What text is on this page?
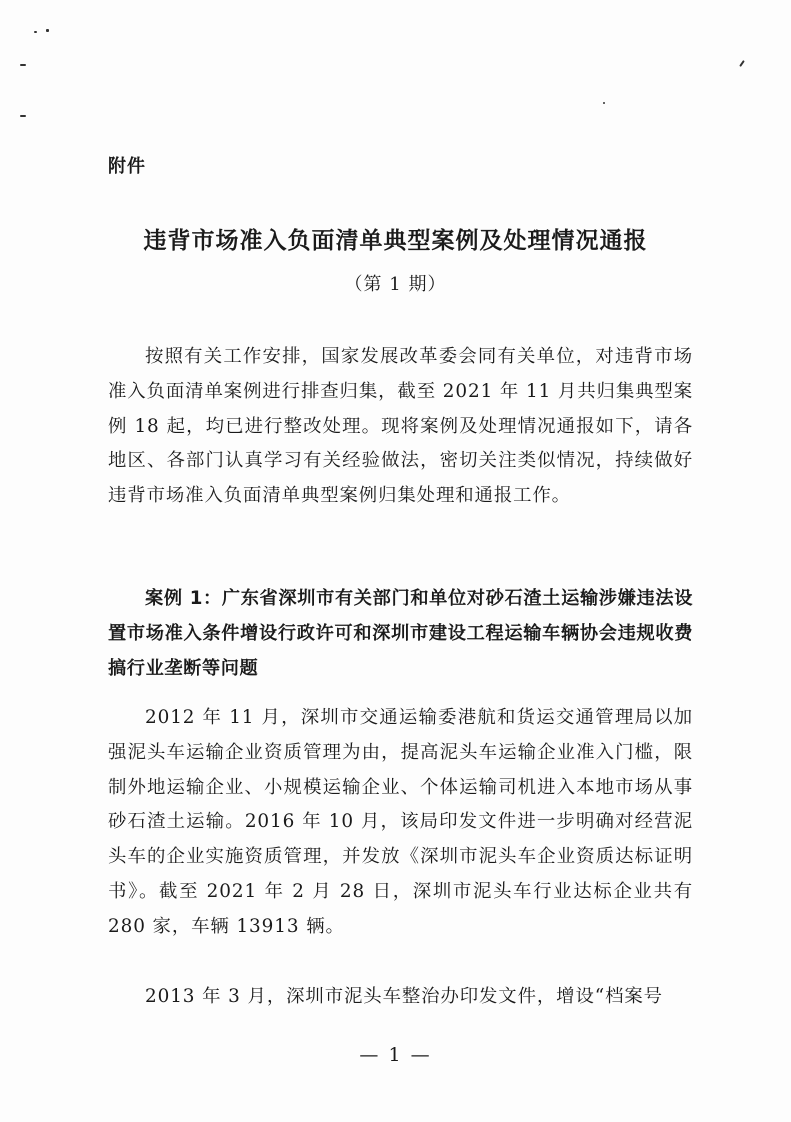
附件
违背市场准入负面清单典型案例及处理情况通报
（第 1 期）
按照有关工作安排，国家发展改革委会同有关单位，对违背市场准入负面清单案例进行排查归集，截至 2021 年 11 月共归集典型案例 18 起，均已进行整改处理。现将案例及处理情况通报如下，请各地区、各部门认真学习有关经验做法，密切关注类似情况，持续做好违背市场准入负面清单典型案例归集处理和通报工作。
案例 1：广东省深圳市有关部门和单位对砂石渣土运输涉嫌违法设置市场准入条件增设行政许可和深圳市建设工程运输车辆协会违规收费搞行业垄断等问题
2012 年 11 月，深圳市交通运输委港航和货运交通管理局以加强泥头车运输企业资质管理为由，提高泥头车运输企业准入门槛，限制外地运输企业、小规模运输企业、个体运输司机进入本地市场从事砂石渣土运输。2016 年 10 月，该局印发文件进一步明确对经营泥头车的企业实施资质管理，并发放《深圳市泥头车企业资质达标证明书》。截至 2021 年 2 月 28 日，深圳市泥头车行业达标企业共有 280 家，车辆 13913 辆。
2013 年 3 月，深圳市泥头车整治办印发文件，增设“档案号
— 1 —
